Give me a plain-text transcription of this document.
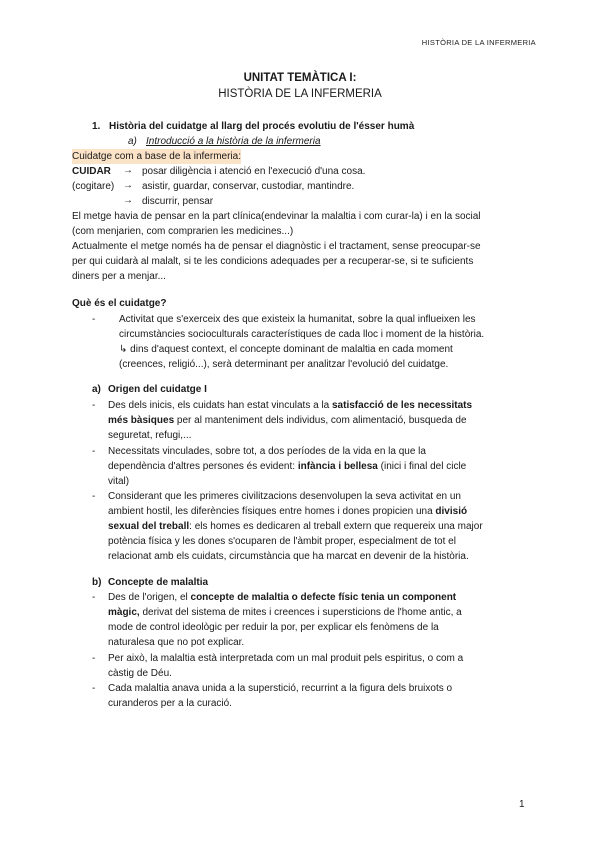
HISTÒRIA DE LA INFERMERIA
UNITAT TEMÀTICA I:
HISTÒRIA DE LA INFERMERIA
1. Història del cuidatge al llarg del procés evolutiu de l'ésser humà
a) Introducció a la història de la infermeria
Cuidatge com a base de la infermeria:
CUIDAR → posar diligència i atenció en l'execució d'una cosa.
(cogitare) → asistir, guardar, conservar, custodiar, mantindre.
→ discurrir, pensar
El metge havia de pensar en la part clínica(endevinar la malaltia i com curar-la) i en la social
(com menjarien, com comprarien les medicines...)
Actualmente el metge només ha de pensar el diagnòstic i el tractament, sense preocupar-se
per qui cuidarà al malalt, si te les condicions adequades per a recuperar-se, si te suficients
diners per a menjar...
Què és el cuidatge?
- Activitat que s'exerceix des que existeix la humanitat, sobre la qual influeixen les
circumstàncies socioculturals característiques de cada lloc i moment de la història.
↳ dins d'aquest context, el concepte dominant de malaltia en cada moment
(creences, religió...), serà determinant per analitzar l'evolució del cuidatge.
a) Origen del cuidatge I
- Des dels inicis, els cuidats han estat vinculats a la satisfacció de les necessitats
més bàsiques per al manteniment dels individus, com alimentació, busqueda de
seguretat, refugi,...
- Necessitats vinculades, sobre tot, a dos períodes de la vida en la que la
dependència d'altres persones és evident: infància i bellesa (inici i final del cicle
vital)
- Considerant que les primeres civilitzacions desenvolupen la seva activitat en un
ambient hostil, les diferències físiques entre homes i dones propicien una divisió
sexual del treball: els homes es dedicaren al treball extern que requereix una major
potència física y les dones s'ocuparen de l'àmbit proper, especialment de tot el
relacionat amb els cuidats, circumstància que ha marcat en devenir de la història.
b) Concepte de malaltia
- Des de l'origen, el concepte de malaltia o defecte físic tenia un component
màgic, derivat del sistema de mites i creences i supersticions de l'home antic, a
mode de control ideològic per reduir la por, per explicar els fenòmens de la
naturalesa que no pot explicar.
- Per això, la malaltia està interpretada com un mal produit pels espiritus, o com a
càstig de Déu.
- Cada malaltia anava unida a la superstició, recurrint a la figura dels bruixots o
curanderos per a la curació.
1
